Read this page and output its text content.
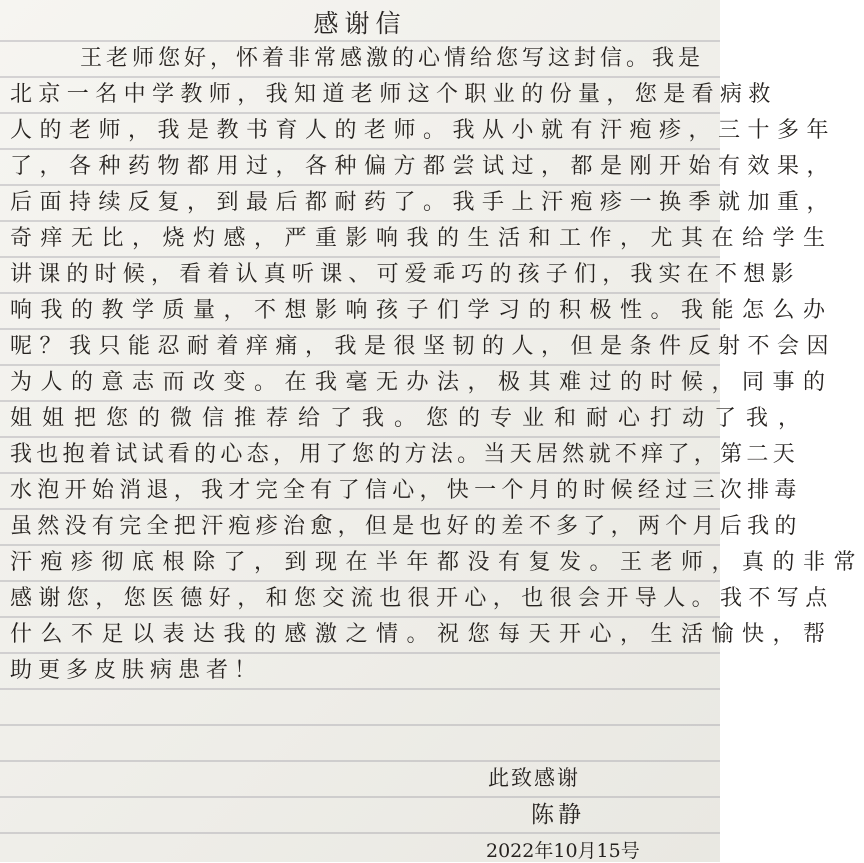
感谢信
　王老师您好，怀着非常感激的心情给您写这封信。我是
北京一名中学教师，我知道老师这个职业的份量，您是看病救
人的老师，我是教书育人的老师。我从小就有汗疱疹，三十多年
了，各种药物都用过，各种偏方都尝试过，都是刚开始有效果，
后面持续反复，到最后都耐药了。我手上汗疱疹一换季就加重，
奇痒无比，烧灼感，严重影响我的生活和工作，尤其在给学生
讲课的时候，看着认真听课、可爱乖巧的孩子们，我实在不想影
响我的教学质量，不想影响孩子们学习的积极性。我能怎么办
呢？我只能忍耐着痒痛，我是很坚韧的人，但是条件反射不会因
为人的意志而改变。在我毫无办法，极其难过的时候，同事的
姐姐把您的微信推荐给了我。您的专业和耐心打动了我，
我也抱着试试看的心态，用了您的方法。当天居然就不痒了，第二天
水泡开始消退，我才完全有了信心，快一个月的时候经过三次排毒
虽然没有完全把汗疱疹治愈，但是也好的差不多了，两个月后我的
汗疱疹彻底根除了，到现在半年都没有复发。王老师，真的非常
感谢您，您医德好，和您交流也很开心，也很会开导人。我不写点
什么不足以表达我的感激之情。祝您每天开心，生活愉快，帮
助更多皮肤病患者！
此致感谢
陈静
2022年10月15号
